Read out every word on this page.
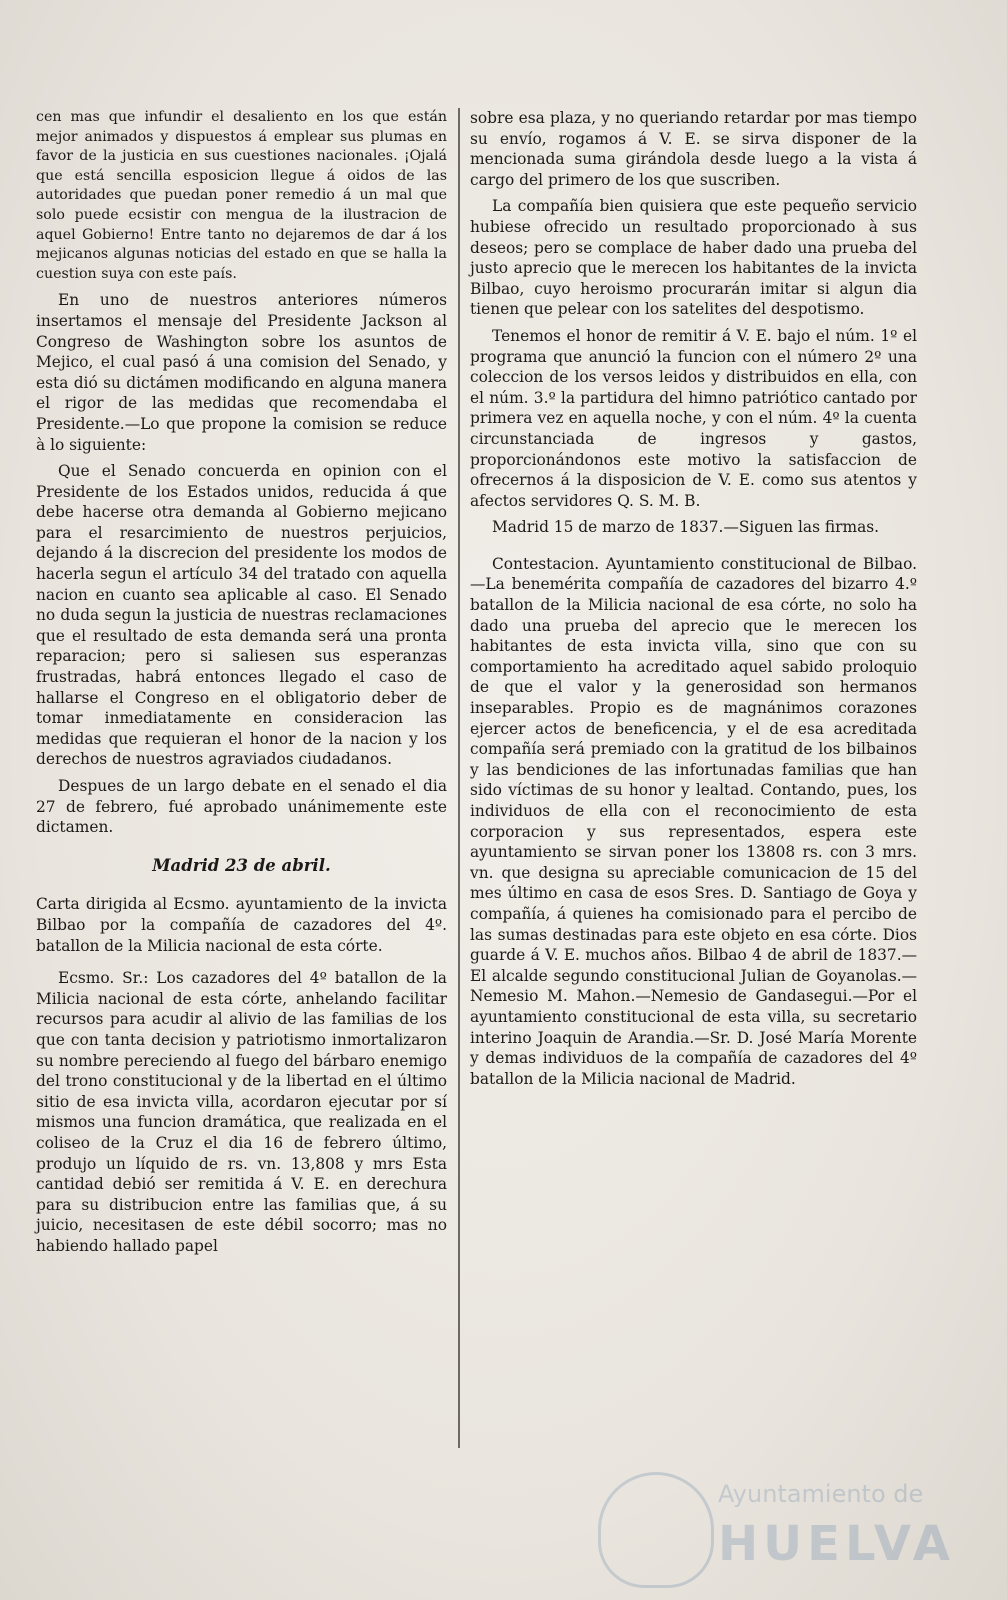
cen mas que infundir el desaliento en los que están mejor animados y dispuestos á emplear sus plumas en favor de la justicia en sus cuestiones nacionales. ¡Ojalá que está sencilla esposicion llegue á oidos de las autoridades que puedan poner remedio á un mal que solo puede ecsistir con mengua de la ilustracion de aquel Gobierno! Entre tanto no dejaremos de dar á los mejicanos algunas noticias del estado en que se halla la cuestion suya con este país.

En uno de nuestros anteriores números insertamos el mensaje del Presidente Jackson al Congreso de Washington sobre los asuntos de Mejico, el cual pasó á una comision del Senado, y esta dió su dictámen modificando en alguna manera el rigor de las medidas que recomendaba el Presidente.—Lo que propone la comision se reduce à lo siguiente:

Que el Senado concuerda en opinion con el Presidente de los Estados unidos, reducida á que debe hacerse otra demanda al Gobierno mejicano para el resarcimiento de nuestros perjuicios, dejando á la discrecion del presidente los modos de hacerla segun el artículo 34 del tratado con aquella nacion en cuanto sea aplicable al caso. El Senado no duda segun la justicia de nuestras reclamaciones que el resultado de esta demanda será una pronta reparacion; pero si saliesen sus esperanzas frustradas, habrá entonces llegado el caso de hallarse el Congreso en el obligatorio deber de tomar inmediatamente en consideracion las medidas que requieran el honor de la nacion y los derechos de nuestros agraviados ciudadanos.

Despues de un largo debate en el senado el dia 27 de febrero, fué aprobado unánimemente este dictamen.

Madrid 23 de abril.

Carta dirigida al Ecsmo. ayuntamiento de la invicta Bilbao por la compañía de cazadores del 4º. batallon de la Milicia nacional de esta córte.

Ecsmo. Sr.: Los cazadores del 4º batallon de la Milicia nacional de esta córte, anhelando facilitar recursos para acudir al alivio de las familias de los que con tanta decision y patriotismo inmortalizaron su nombre pereciendo al fuego del bárbaro enemigo del trono constitucional y de la libertad en el último sitio de esa invicta villa, acordaron ejecutar por sí mismos una funcion dramática, que realizada en el coliseo de la Cruz el dia 16 de febrero último, produjo un líquido de rs. vn. 13,808 y mrs Esta cantidad debió ser remitida á V. E. en derechura para su distribucion entre las familias que, á su juicio, necesitasen de este débil socorro; mas no habiendo hallado papel

sobre esa plaza, y no queriando retardar por mas tiempo su envío, rogamos á V. E. se sirva disponer de la mencionada suma girándola desde luego a la vista á cargo del primero de los que suscriben.

La compañía bien quisiera que este pequeño servicio hubiese ofrecido un resultado proporcionado à sus deseos; pero se complace de haber dado una prueba del justo aprecio que le merecen los habitantes de la invicta Bilbao, cuyo heroismo procurarán imitar si algun dia tienen que pelear con los satelites del despotismo.

Tenemos el honor de remitir á V. E. bajo el núm. 1º el programa que anunció la funcion con el número 2º una coleccion de los versos leidos y distribuidos en ella, con el núm. 3.º la partidura del himno patriótico cantado por primera vez en aquella noche, y con el núm. 4º la cuenta circunstanciada de ingresos y gastos, proporcionándonos este motivo la satisfaccion de ofrecernos á la disposicion de V. E. como sus atentos y afectos servidores Q. S. M. B.

Madrid 15 de marzo de 1837.—Siguen las firmas.

Contestacion. Ayuntamiento constitucional de Bilbao.—La benemérita compañía de cazadores del bizarro 4.º batallon de la Milicia nacional de esa córte, no solo ha dado una prueba del aprecio que le merecen los habitantes de esta invicta villa, sino que con su comportamiento ha acreditado aquel sabido proloquio de que el valor y la generosidad son hermanos inseparables. Propio es de magnánimos corazones ejercer actos de beneficencia, y el de esa acreditada compañía será premiado con la gratitud de los bilbainos y las bendiciones de las infortunadas familias que han sido víctimas de su honor y lealtad. Contando, pues, los individuos de ella con el reconocimiento de esta corporacion y sus representados, espera este ayuntamiento se sirvan poner los 13808 rs. con 3 mrs. vn. que designa su apreciable comunicacion de 15 del mes último en casa de esos Sres. D. Santiago de Goya y compañía, á quienes ha comisionado para el percibo de las sumas destinadas para este objeto en esa córte. Dios guarde á V. E. muchos años. Bilbao 4 de abril de 1837.—El alcalde segundo constitucional Julian de Goyanolas.—Nemesio M. Mahon.—Nemesio de Gandasegui.—Por el ayuntamiento constitucional de esta villa, su secretario interino Joaquin de Arandia.—Sr. D. José María Morente y demas individuos de la compañía de cazadores del 4º batallon de la Milicia nacional de Madrid.

Ayuntamiento de
HUELVA
